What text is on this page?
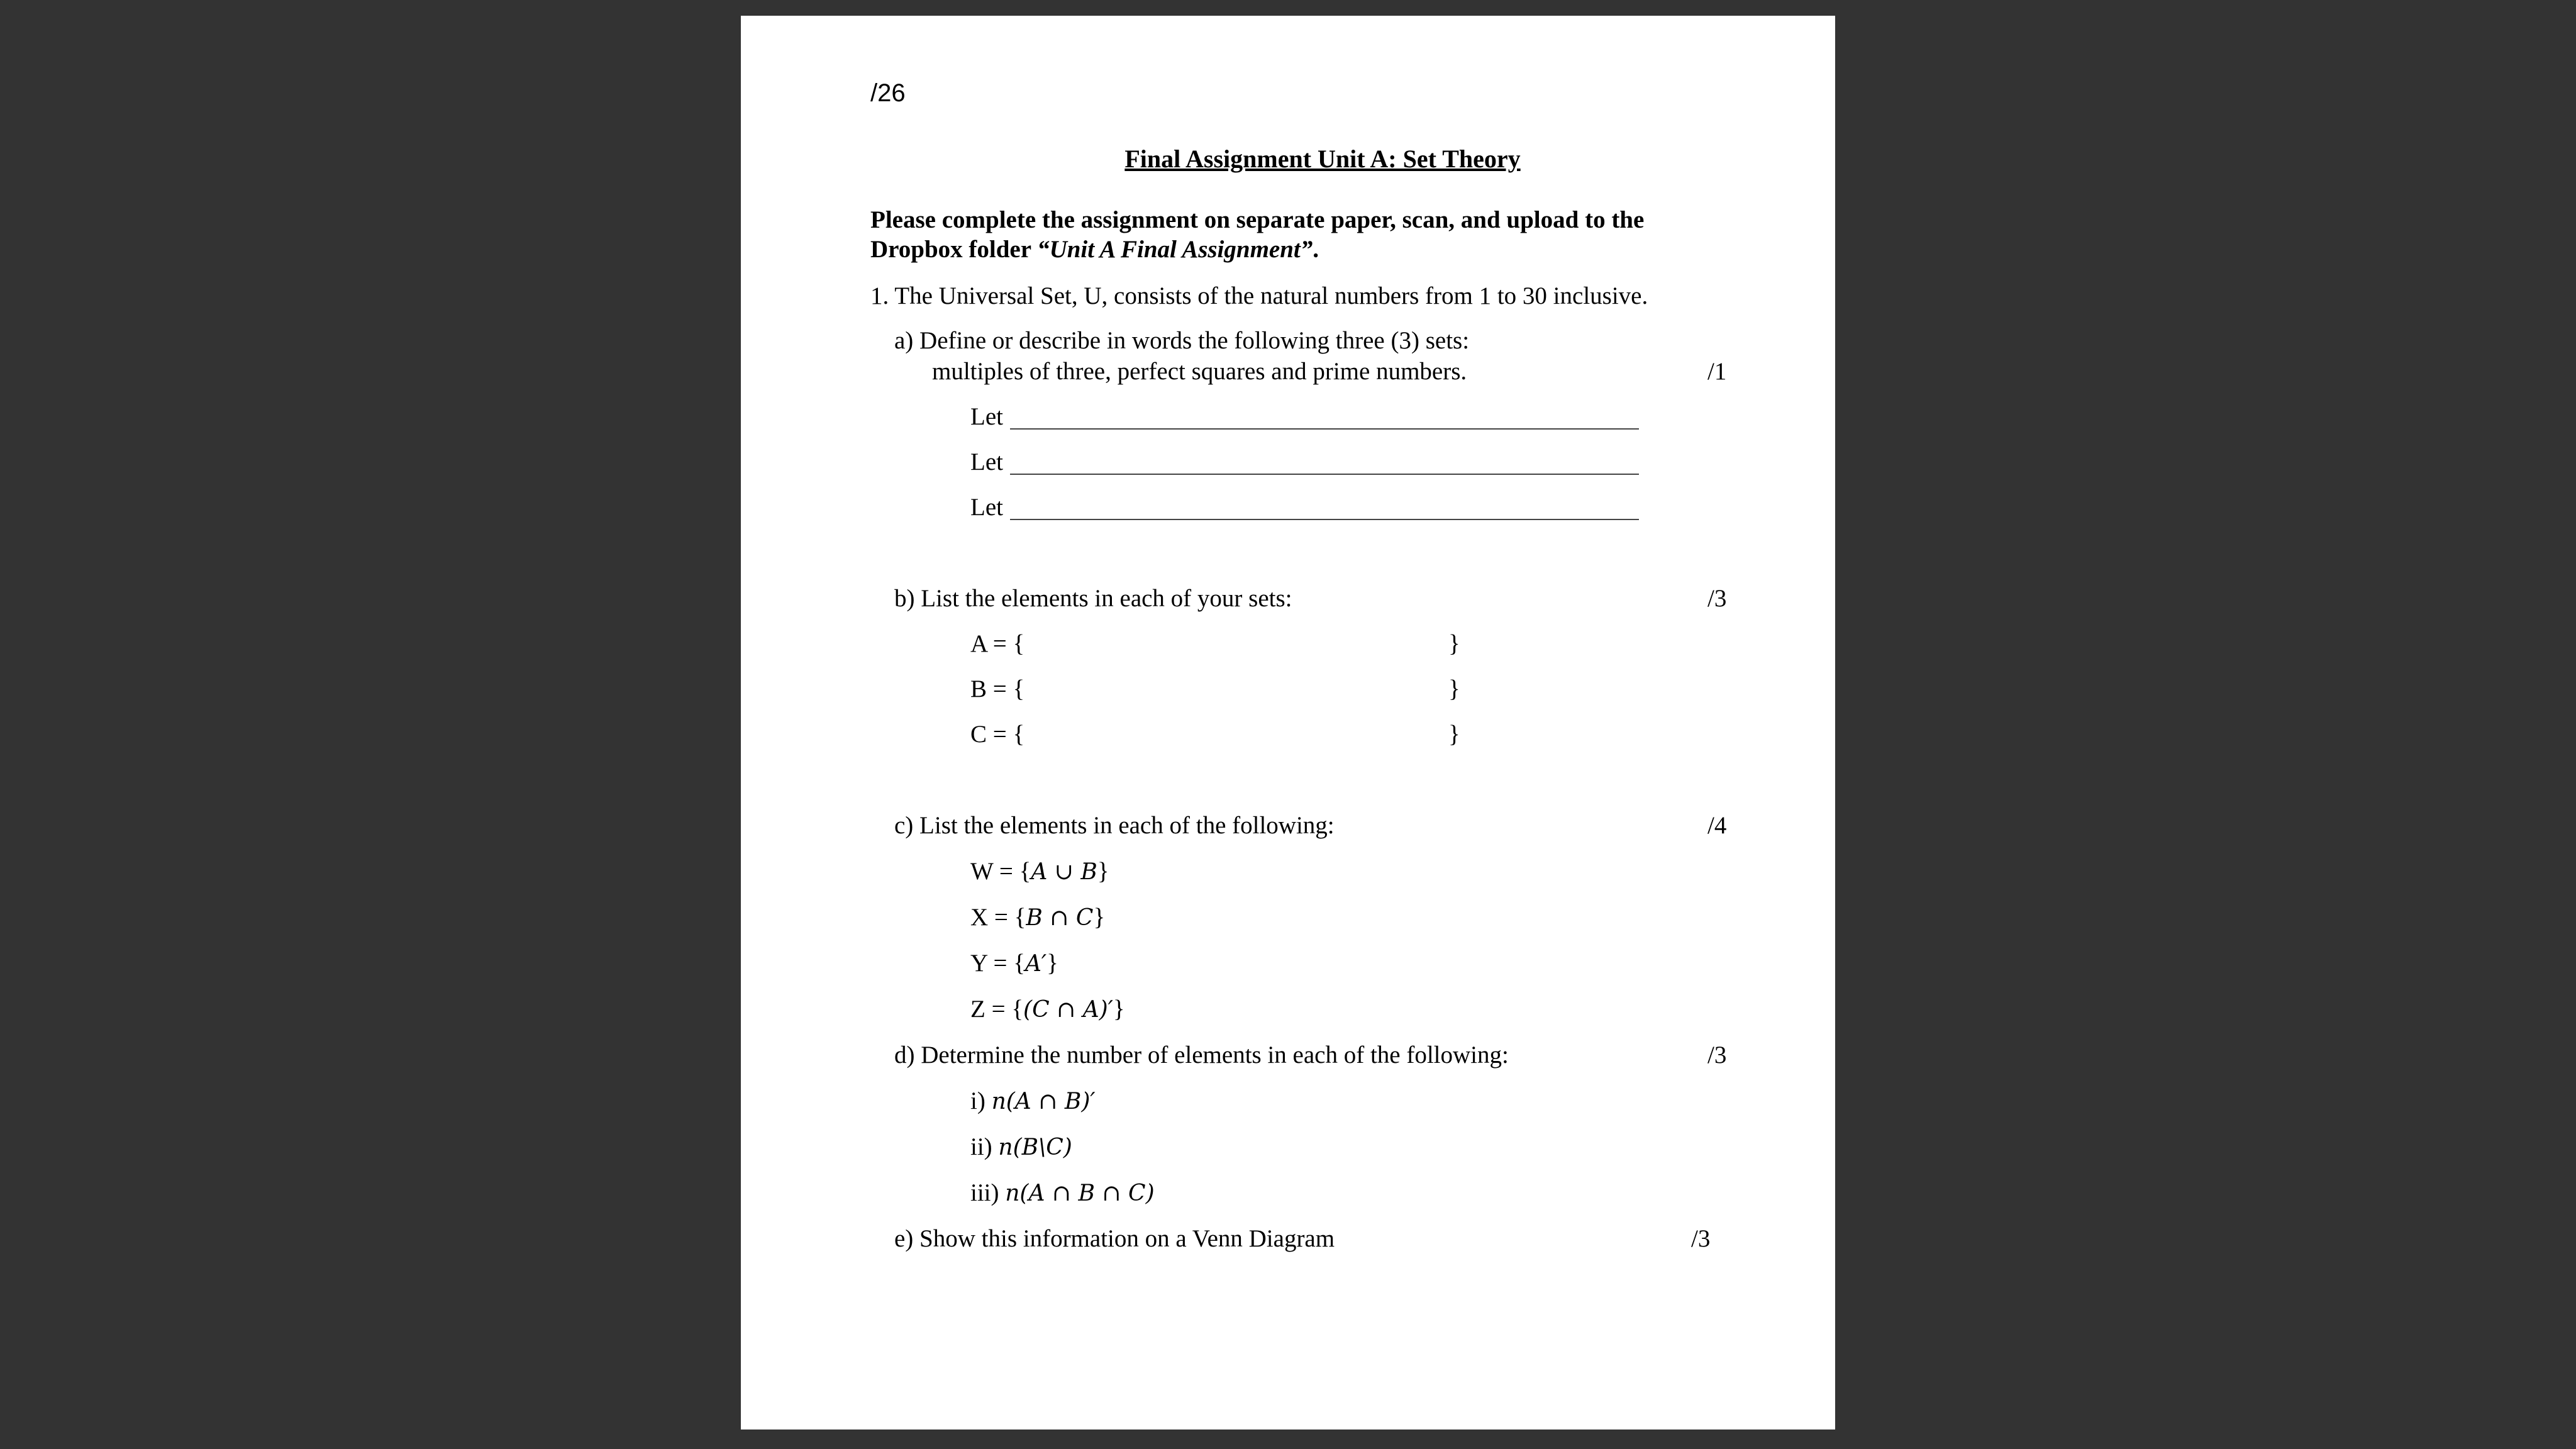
/26
Final Assignment Unit A: Set Theory
Please complete the assignment on separate paper, scan, and upload to the
Dropbox folder “Unit A Final Assignment”.
1. The Universal Set, U, consists of the natural numbers from 1 to 30 inclusive.
a) Define or describe in words the following three (3) sets:
multiples of three, perfect squares and prime numbers.	/1
Let
Let
Let
b) List the elements in each of your sets:	/3
A = {	}
B = {	}
C = {	}
c) List the elements in each of the following:	/4
W = {A ∪ B}
X = {B ∩ C}
Y = {A′}
Z = {(C ∩ A)′}
d) Determine the number of elements in each of the following:	/3
i) n(A ∩ B)′
ii) n(B\C)
iii) n(A ∩ B ∩ C)
e) Show this information on a Venn Diagram	/3
